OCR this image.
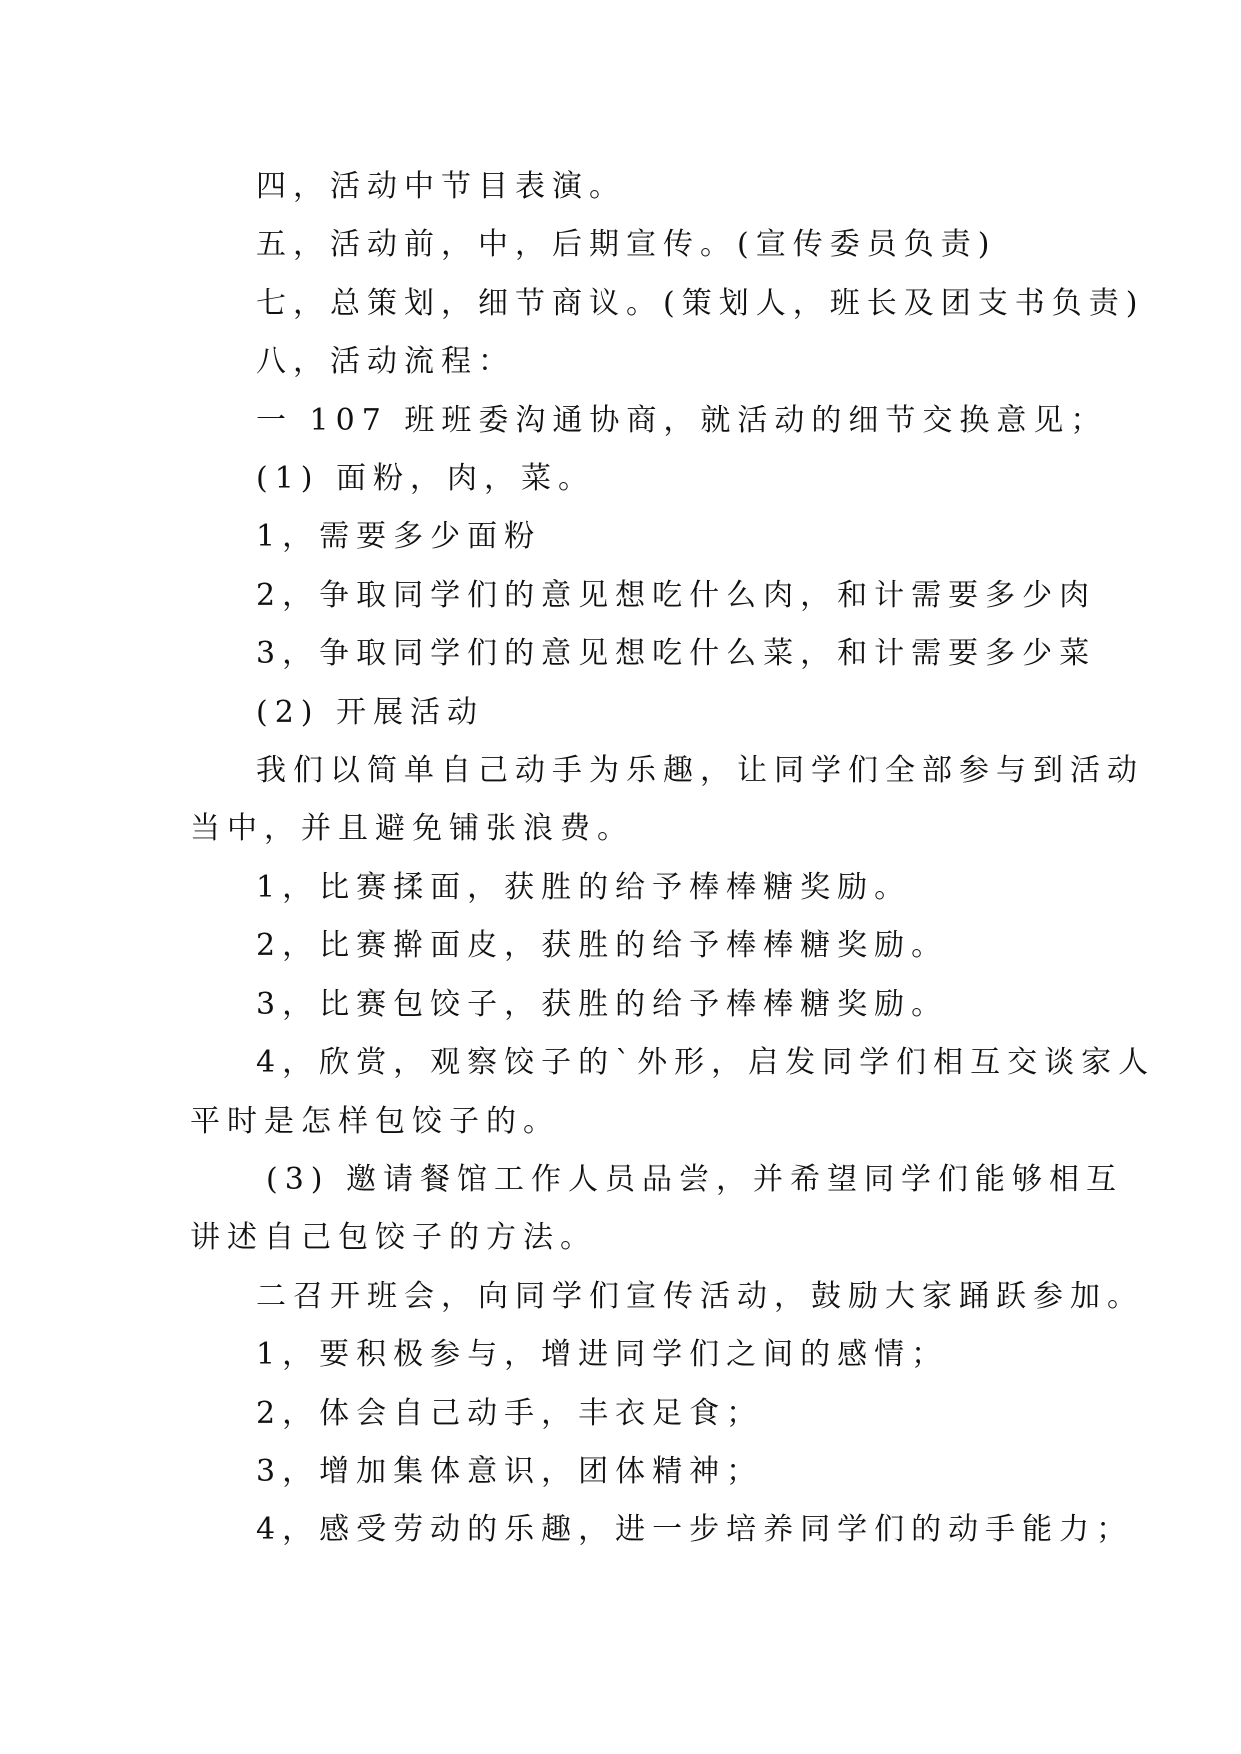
四，活动中节目表演。

五，活动前，中，后期宣传。(宣传委员负责)

七，总策划，细节商议。(策划人，班长及团支书负责)

八，活动流程：

一 107 班班委沟通协商，就活动的细节交换意见；

(1) 面粉，肉，菜。

1，需要多少面粉

2，争取同学们的意见想吃什么肉，和计需要多少肉

3，争取同学们的意见想吃什么菜，和计需要多少菜

(2) 开展活动

我们以简单自己动手为乐趣，让同学们全部参与到活动

当中，并且避免铺张浪费。

1，比赛揉面，获胜的给予棒棒糖奖励。

2，比赛擀面皮，获胜的给予棒棒糖奖励。

3，比赛包饺子，获胜的给予棒棒糖奖励。

4，欣赏，观察饺子的`外形，启发同学们相互交谈家人

平时是怎样包饺子的。

(3) 邀请餐馆工作人员品尝，并希望同学们能够相互

讲述自己包饺子的方法。

二召开班会，向同学们宣传活动，鼓励大家踊跃参加。

1，要积极参与，增进同学们之间的感情；

2，体会自己动手，丰衣足食；

3，增加集体意识，团体精神；

4，感受劳动的乐趣，进一步培养同学们的动手能力；
